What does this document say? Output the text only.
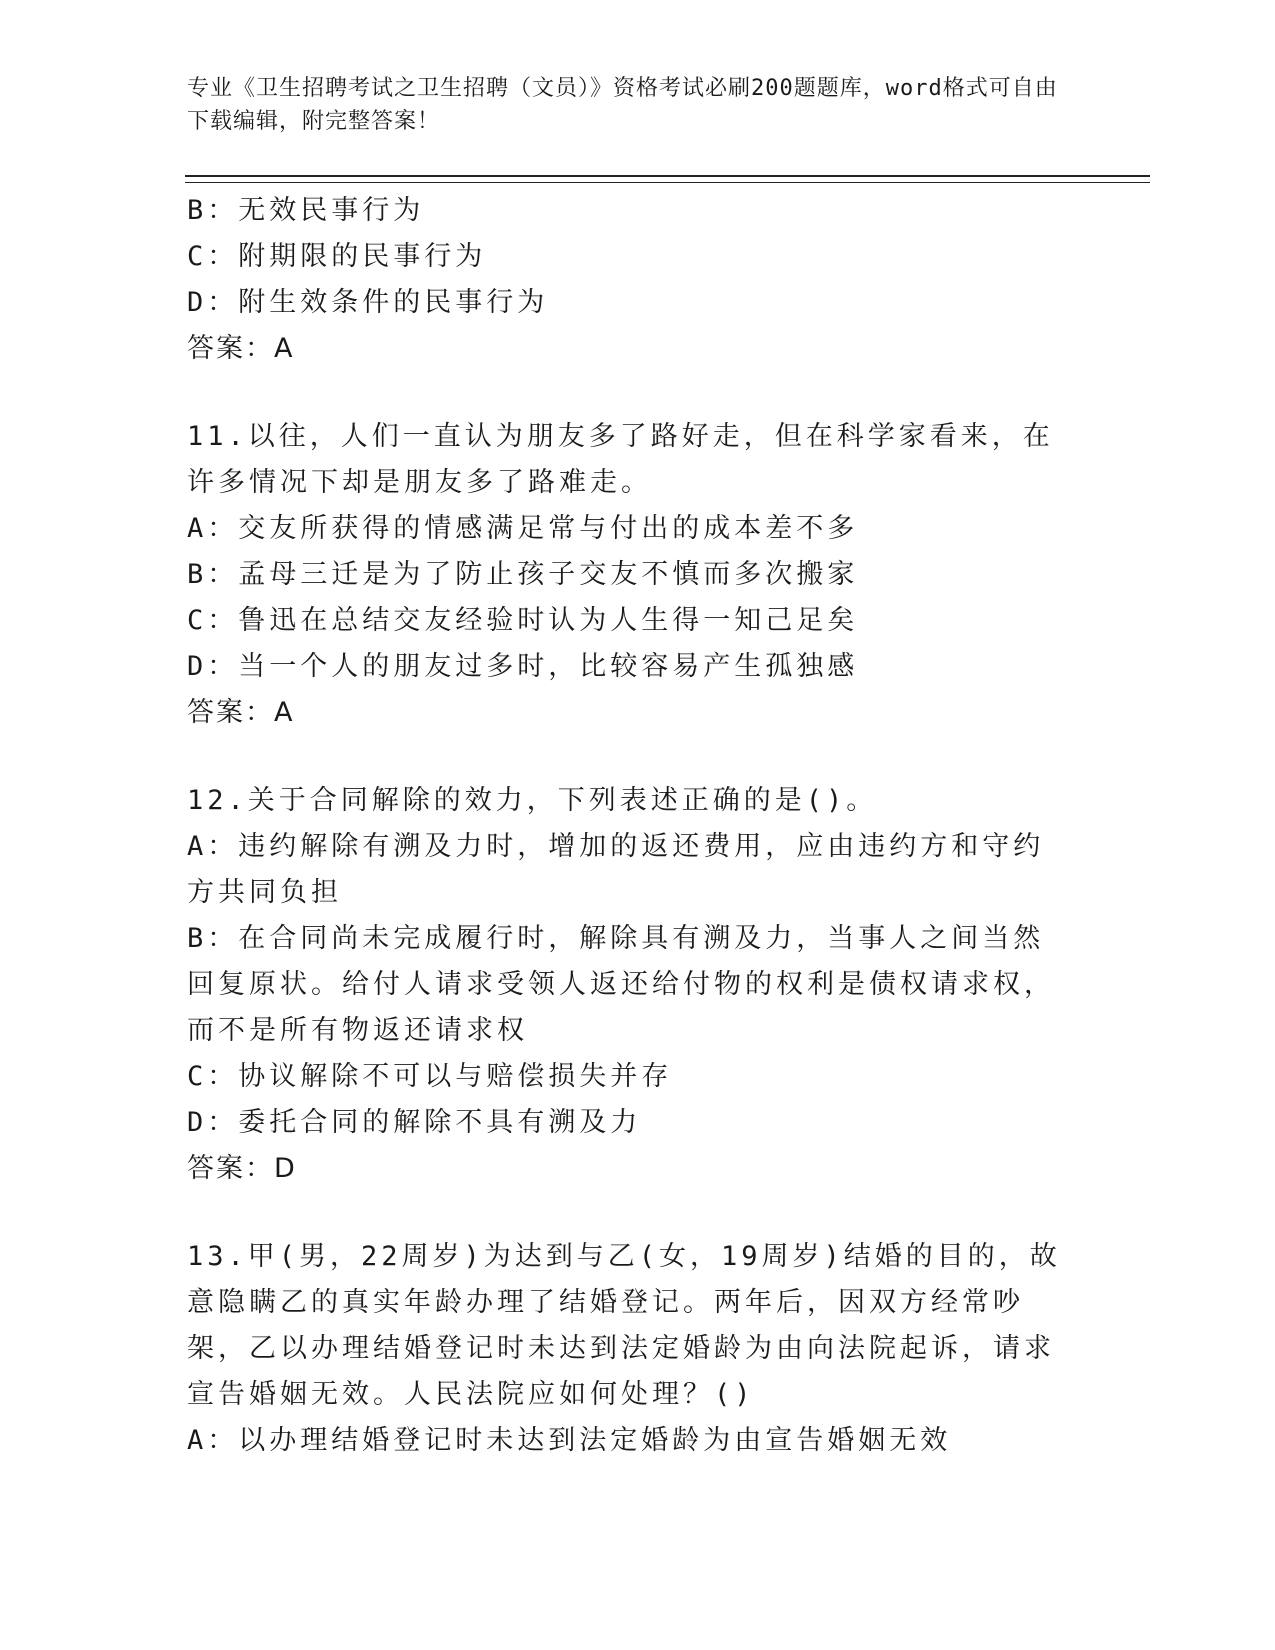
专业《卫生招聘考试之卫生招聘（文员）》资格考试必刷200题题库，word格式可自由下载编辑，附完整答案！

B：无效民事行为

C：附期限的民事行为

D：附生效条件的民事行为

答案：A

11.以往，人们一直认为朋友多了路好走，但在科学家看来，在许多情况下却是朋友多了路难走。

A：交友所获得的情感满足常与付出的成本差不多

B：孟母三迁是为了防止孩子交友不慎而多次搬家

C：鲁迅在总结交友经验时认为人生得一知己足矣

D：当一个人的朋友过多时，比较容易产生孤独感

答案：A

12.关于合同解除的效力，下列表述正确的是()。

A：违约解除有溯及力时，增加的返还费用，应由违约方和守约方共同负担

B：在合同尚未完成履行时，解除具有溯及力，当事人之间当然回复原状。给付人请求受领人返还给付物的权利是债权请求权，而不是所有物返还请求权

C：协议解除不可以与赔偿损失并存

D：委托合同的解除不具有溯及力

答案：D

13.甲(男，22周岁)为达到与乙(女，19周岁)结婚的目的，故意隐瞒乙的真实年龄办理了结婚登记。两年后，因双方经常吵架，乙以办理结婚登记时未达到法定婚龄为由向法院起诉，请求宣告婚姻无效。人民法院应如何处理？()

A：以办理结婚登记时未达到法定婚龄为由宣告婚姻无效
